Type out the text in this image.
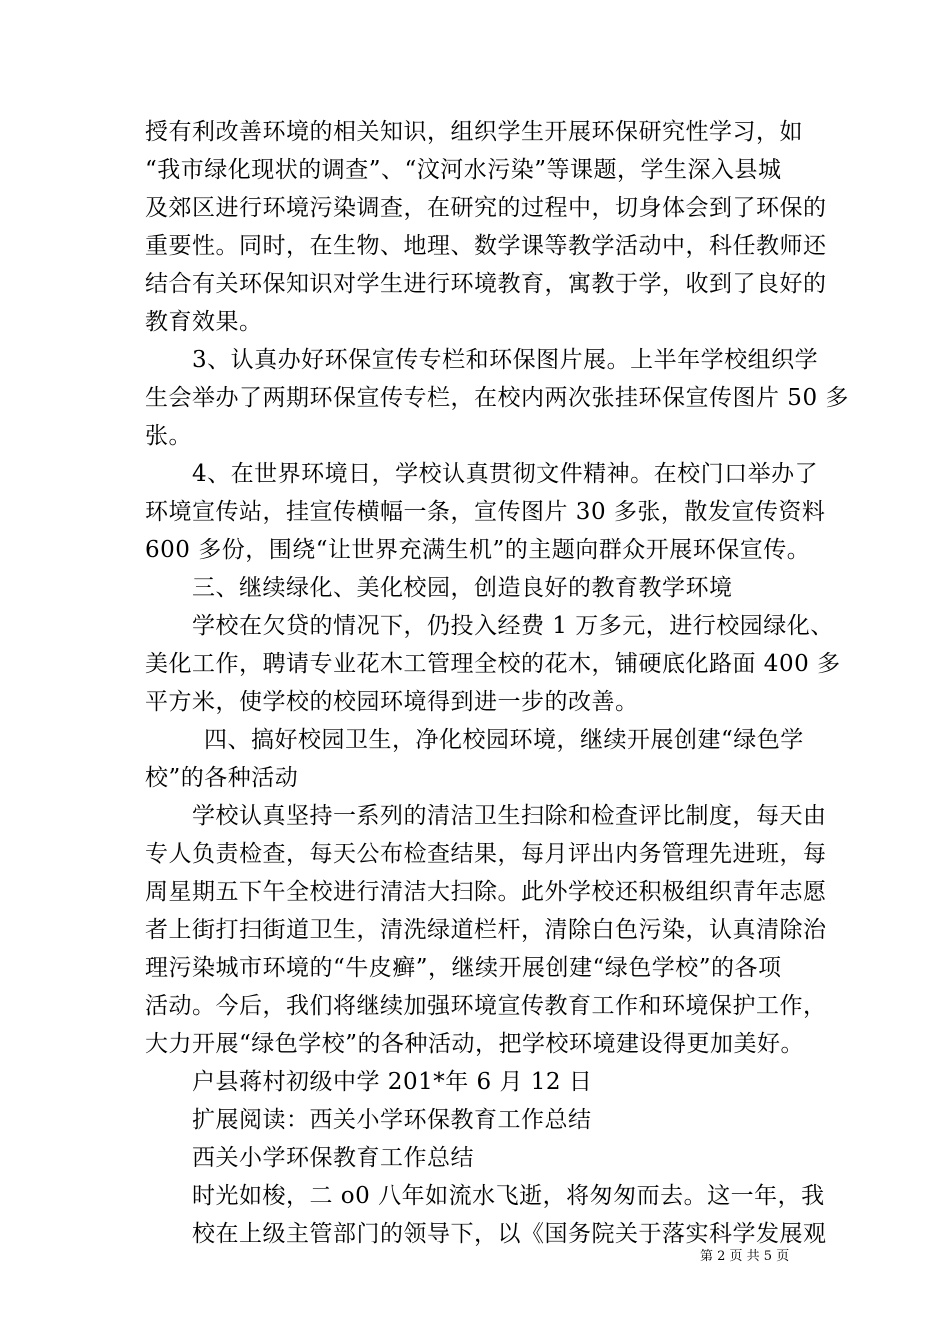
授有利改善环境的相关知识，组织学生开展环保研究性学习，如
“我市绿化现状的调查”、“汶河水污染”等课题，学生深入县城
及郊区进行环境污染调查，在研究的过程中，切身体会到了环保的
重要性。同时，在生物、地理、数学课等教学活动中，科任教师还
结合有关环保知识对学生进行环境教育，寓教于学，收到了良好的
教育效果。
3、认真办好环保宣传专栏和环保图片展。上半年学校组织学
生会举办了两期环保宣传专栏，在校内两次张挂环保宣传图片 50 多
张。
4、在世界环境日，学校认真贯彻文件精神。在校门口举办了
环境宣传站，挂宣传横幅一条，宣传图片 30 多张，散发宣传资料
600 多份，围绕“让世界充满生机”的主题向群众开展环保宣传。
三、继续绿化、美化校园，创造良好的教育教学环境
学校在欠贷的情况下，仍投入经费 1 万多元，进行校园绿化、
美化工作，聘请专业花木工管理全校的花木，铺硬底化路面 400 多
平方米，使学校的校园环境得到进一步的改善。
四、搞好校园卫生，净化校园环境，继续开展创建“绿色学
校”的各种活动
学校认真坚持一系列的清洁卫生扫除和检查评比制度，每天由
专人负责检查，每天公布检查结果，每月评出内务管理先进班，每
周星期五下午全校进行清洁大扫除。此外学校还积极组织青年志愿
者上街打扫街道卫生，清洗绿道栏杆，清除白色污染，认真清除治
理污染城市环境的“牛皮癣”，继续开展创建“绿色学校”的各项
活动。今后，我们将继续加强环境宣传教育工作和环境保护工作，
大力开展“绿色学校”的各种活动，把学校环境建设得更加美好。
户县蒋村初级中学 201*年 6 月 12 日
扩展阅读：西关小学环保教育工作总结
西关小学环保教育工作总结
时光如梭，二 o0 八年如流水飞逝，将匆匆而去。这一年，我
校在上级主管部门的领导下，以《国务院关于落实科学发展观
第 2 页 共 5 页
